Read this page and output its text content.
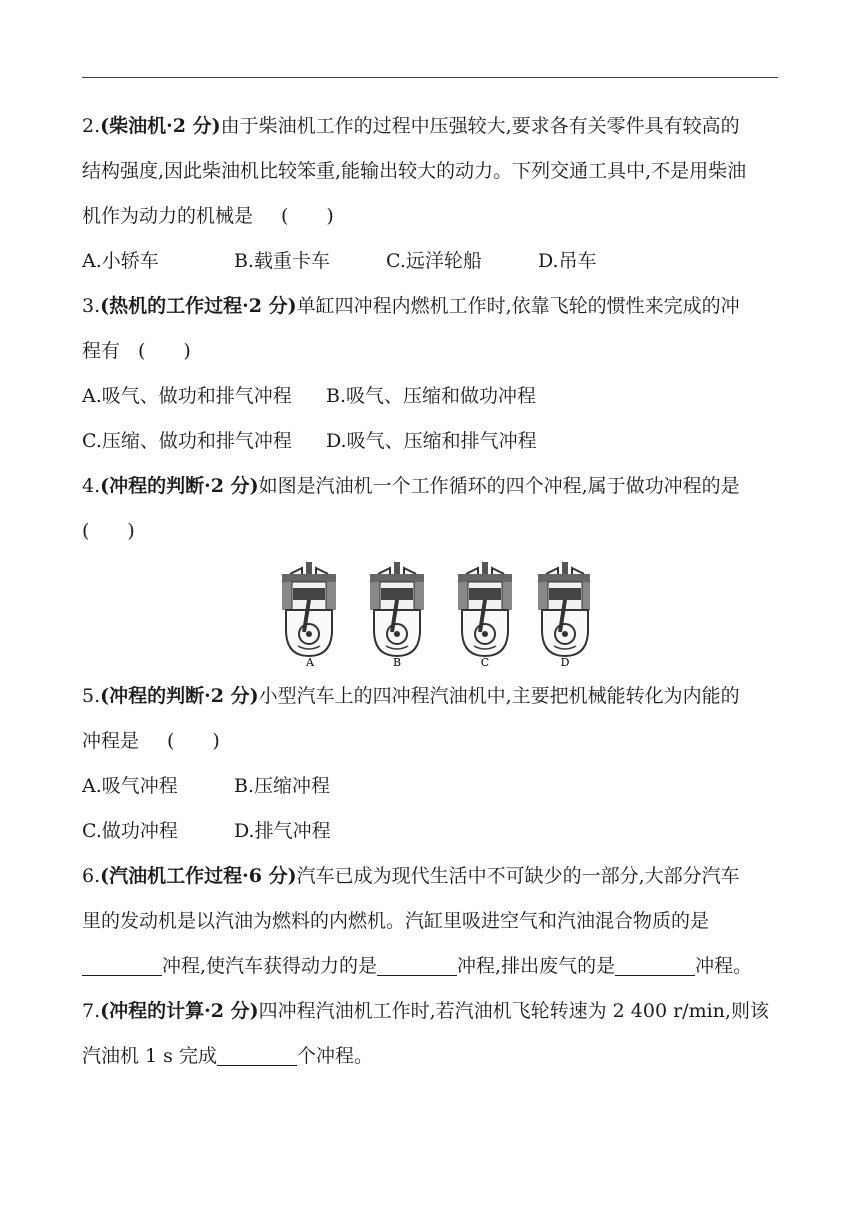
2.(柴油机·2 分)由于柴油机工作的过程中压强较大,要求各有关零件具有较高的
结构强度,因此柴油机比较笨重,能输出较大的动力。下列交通工具中,不是用柴油
机作为动力的机械是 (　　)
A.小轿车	B.载重卡车	C.远洋轮船	D.吊车
3.(热机的工作过程·2 分)单缸四冲程内燃机工作时,依靠飞轮的惯性来完成的冲
程有 (　　)
A.吸气、做功和排气冲程 B.吸气、压缩和做功冲程
C.压缩、做功和排气冲程 D.吸气、压缩和排气冲程
4.(冲程的判断·2 分)如图是汽油机一个工作循环的四个冲程,属于做功冲程的是
(　　)
A	B	C	D
5.(冲程的判断·2 分)小型汽车上的四冲程汽油机中,主要把机械能转化为内能的
冲程是 (　　)
A.吸气冲程	B.压缩冲程
C.做功冲程	D.排气冲程
6.(汽油机工作过程·6 分)汽车已成为现代生活中不可缺少的一部分,大部分汽车
里的发动机是以汽油为燃料的内燃机。汽缸里吸进空气和汽油混合物质的是
冲程,使汽车获得动力的是	冲程,排出废气的是	冲程。
7.(冲程的计算·2 分)四冲程汽油机工作时,若汽油机飞轮转速为 2 400 r/min,则该
汽油机 1 s 完成	个冲程。
